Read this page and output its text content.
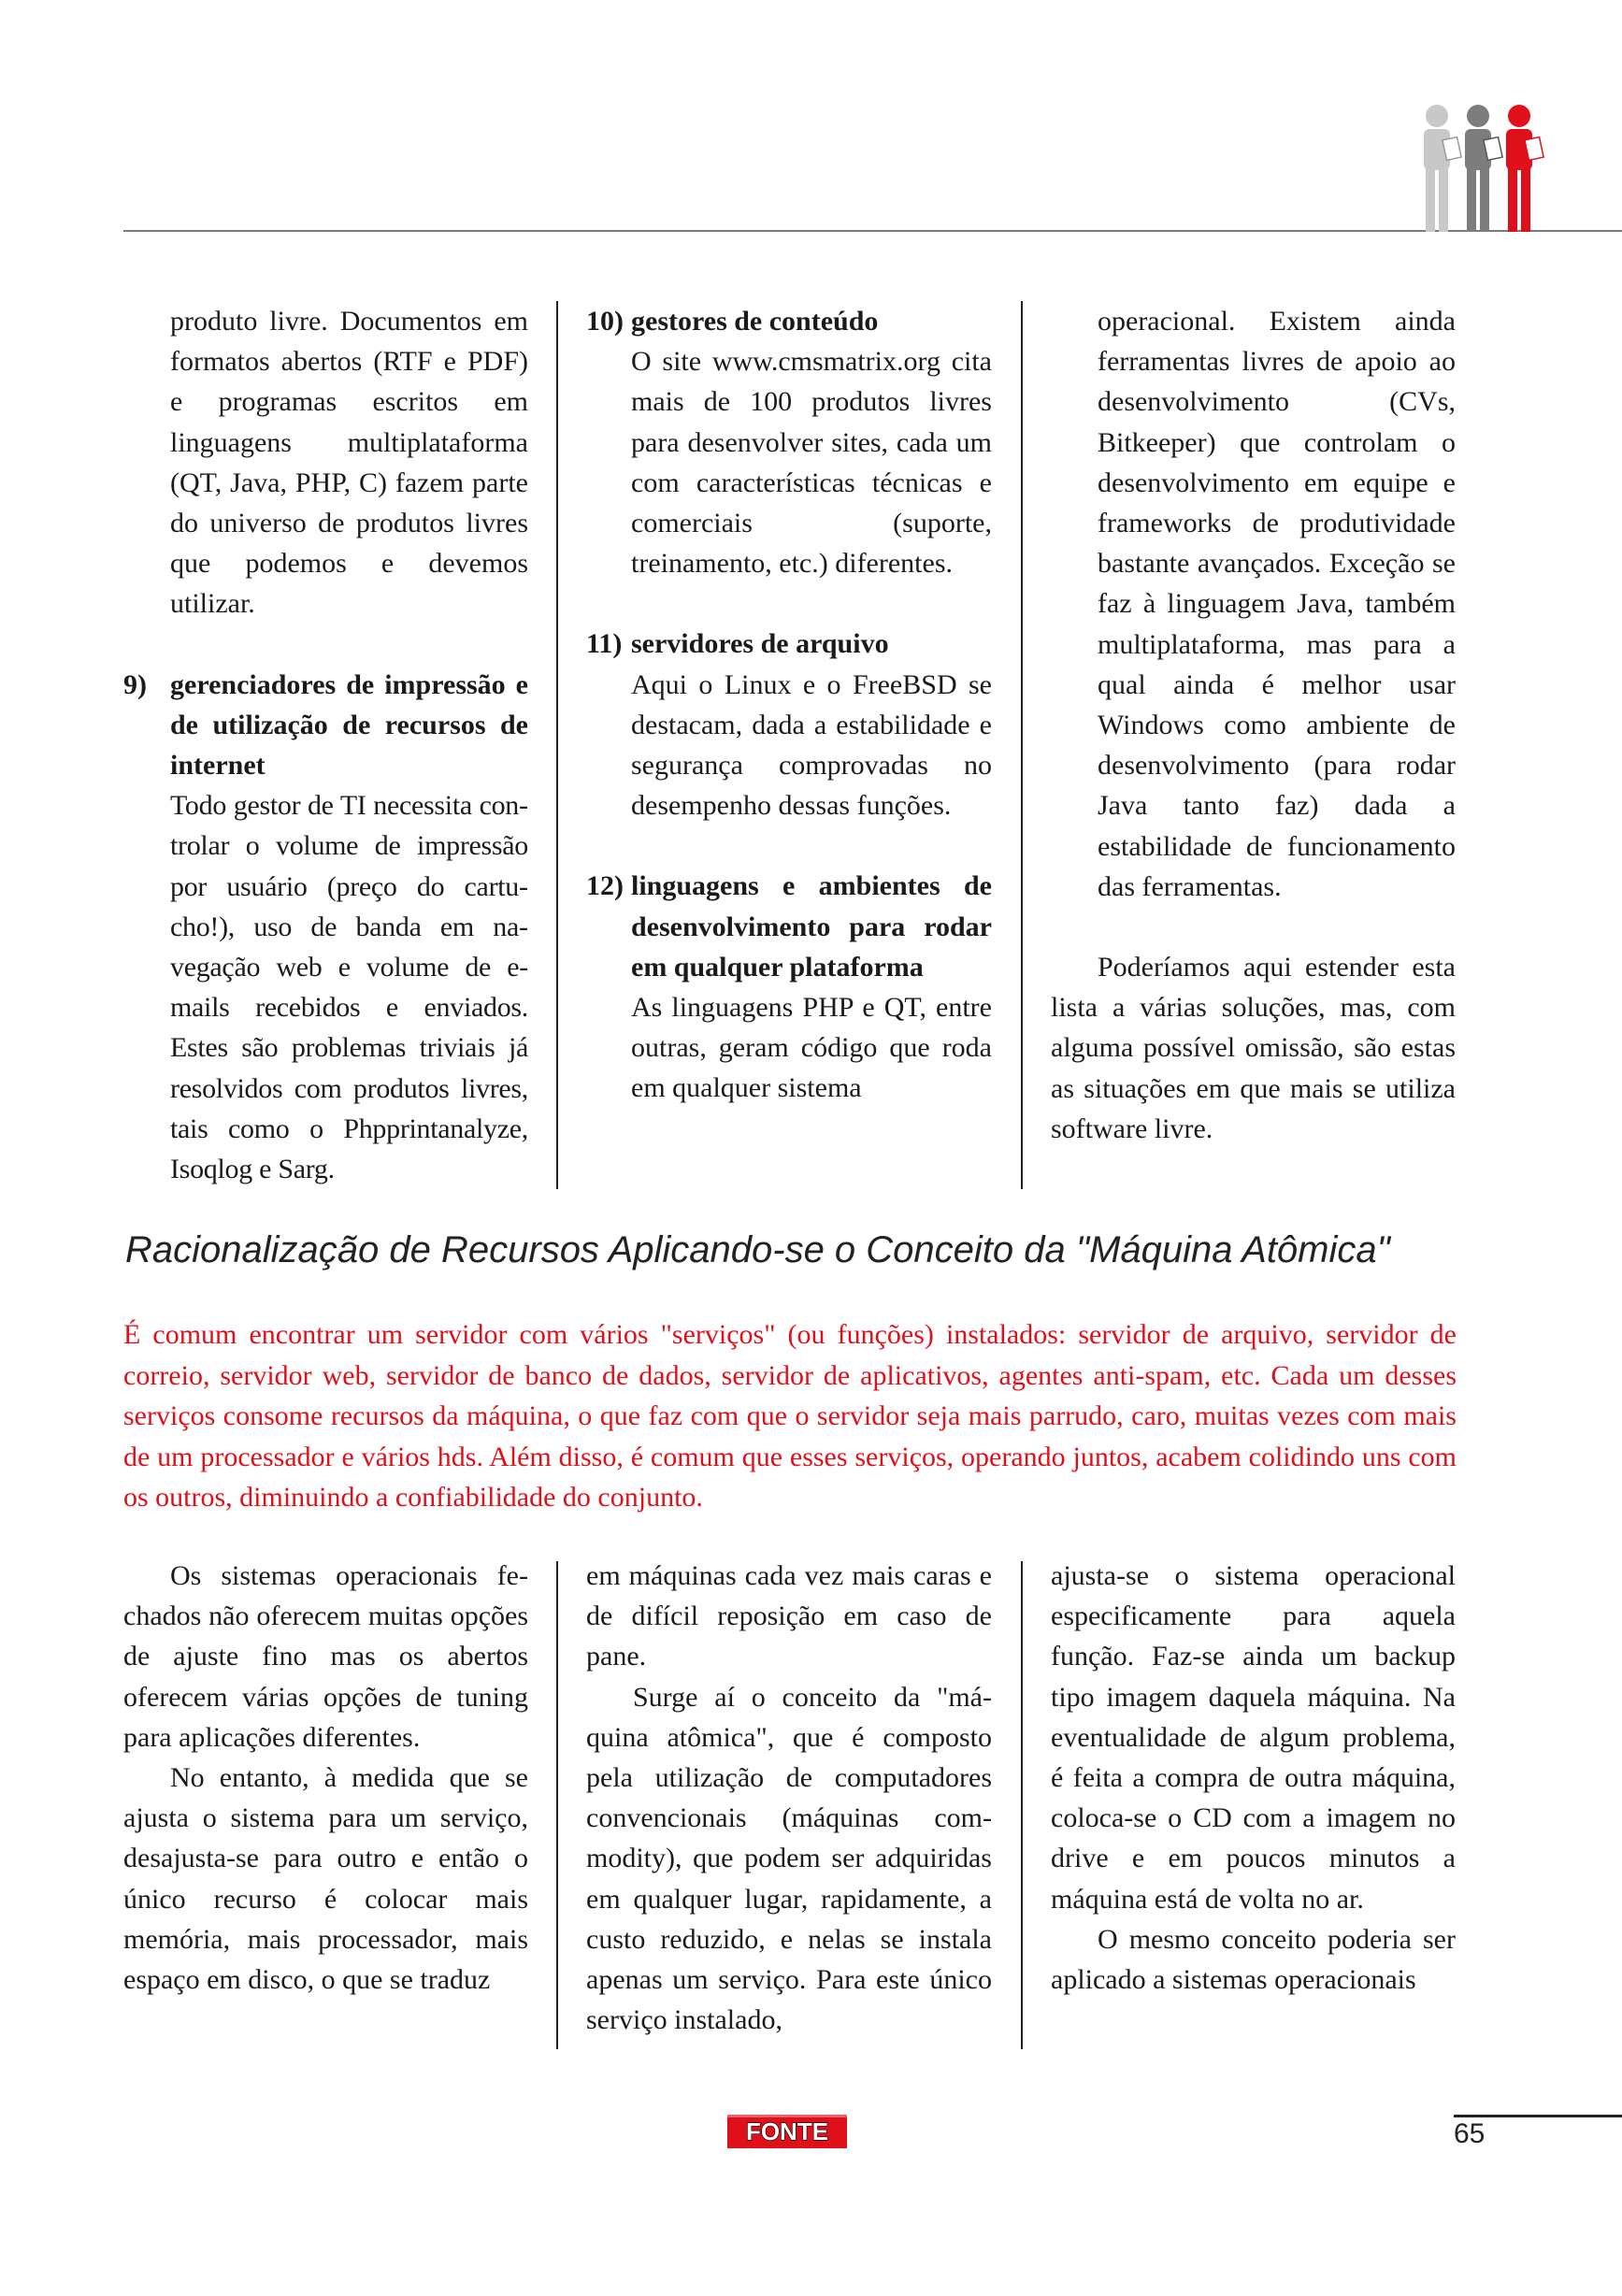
produto livre. Documentos em formatos abertos (RTF e PDF) e programas escritos em linguagens multiplataforma (QT, Java, PHP, C) fazem parte do universo de produtos livres que podemos e devemos utilizar.

9) gerenciadores de impressão e de utilização de recursos de internet

Todo gestor de TI necessita controlar o volume de impressão por usuário (preço do cartucho!), uso de banda em navegação web e volume de e-mails recebidos e enviados. Estes são problemas triviais já resolvidos com produtos livres, tais como o Phpprintanalyze, Isoqlog e Sarg.

10) gestores de conteúdo

O site www.cmsmatrix.org cita mais de 100 produtos livres para desenvolver sites, cada um com características técnicas e comerciais (suporte, treinamento, etc.) diferentes.

11) servidores de arquivo

Aqui o Linux e o FreeBSD se destacam, dada a estabilidade e segurança comprovadas no desempenho dessas funções.

12) linguagens e ambientes de desenvolvimento para rodar em qualquer plataforma

As linguagens PHP e QT, entre outras, geram código que roda em qualquer sistema

operacional. Existem ainda ferramentas livres de apoio ao desenvolvimento (CVs, Bitkeeper) que controlam o desenvolvimento em equipe e frameworks de produtividade bastante avançados. Exceção se faz à linguagem Java, também multiplataforma, mas para a qual ainda é melhor usar Windows como ambiente de desenvolvimento (para rodar Java tanto faz) dada a estabilidade de funcionamento das ferramentas.

Poderíamos aqui estender esta lista a várias soluções, mas, com alguma possível omissão, são estas as situações em que mais se utiliza software livre.

Racionalização de Recursos Aplicando-se o Conceito da "Máquina Atômica"

É comum encontrar um servidor com vários "serviços" (ou funções) instalados: servidor de arquivo, servidor de correio, servidor web, servidor de banco de dados, servidor de aplicativos, agentes anti-spam, etc. Cada um desses serviços consome recursos da máquina, o que faz com que o servidor seja mais parrudo, caro, muitas vezes com mais de um processador e vários hds. Além disso, é comum que esses serviços, operando juntos, acabem colidindo uns com os outros, diminuindo a confiabilidade do conjunto.

Os sistemas operacionais fechados não oferecem muitas opções de ajuste fino mas os abertos oferecem várias opções de tuning para aplicações diferentes.

No entanto, à medida que se ajusta o sistema para um serviço, desajusta-se para outro e então o único recurso é colocar mais memória, mais processador, mais espaço em disco, o que se traduz

em máquinas cada vez mais caras e de difícil reposição em caso de pane.

Surge aí o conceito da "máquina atômica", que é composto pela utilização de computadores convencionais (máquinas commodity), que podem ser adquiridas em qualquer lugar, rapidamente, a custo reduzido, e nelas se instala apenas um serviço. Para este único serviço instalado,

ajusta-se o sistema operacional especificamente para aquela função. Faz-se ainda um backup tipo imagem daquela máquina. Na eventualidade de algum problema, é feita a compra de outra máquina, coloca-se o CD com a imagem no drive e em poucos minutos a máquina está de volta no ar.

O mesmo conceito poderia ser aplicado a sistemas operacionais

FONTE	65
